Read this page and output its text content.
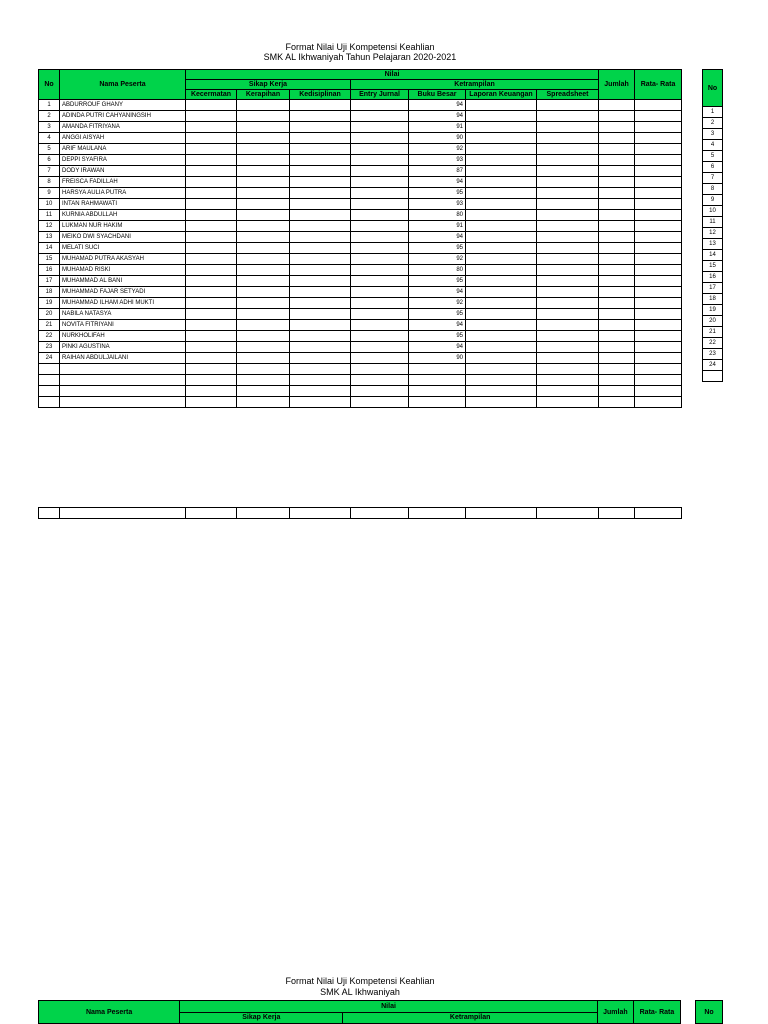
Format Nilai Uji Kompetensi Keahlian
SMK AL Ikhwaniyah Tahun Pelajaran 2020-2021
No	Nama Peserta	Nilai							Jumlah	Rata- Rata
		Sikap Kerja			Ketrampilan					
		Kecermatan	Kerapihan	Kedisiplinan	Entry Jurnal	Buku Besar	Laporan Keuangan	Spreadsheet		
1	ABDURROUF GHANY					94				
2	ADINDA PUTRI CAHYANINGSIH					94				
3	AMANDA FITRIYANA					91				
4	ANGGI AISYAH					90				
5	ARIF MAULANA					92				
6	DEPPI SYAFIRA					93				
7	DODY IRAWAN					87				
8	FREISCA FADILLAH					94				
9	HARSYA AULIA PUTRA					95				
10	INTAN RAHMAWATI					93				
11	KURNIA ABDULLAH					80				
12	LUKMAN NUR HAKIM					91				
13	MEIKO DWI SYACHDANI					94				
14	MELATI SUCI					95				
15	MUHAMAD PUTRA AKASYAH					92				
16	MUHAMAD RISKI					80				
17	MUHAMMAD AL BANI					95				
18	MUHAMMAD FAJAR SETYADI					94				
19	MUHAMMAD ILHAM ADHI MUKTI					92				
20	NABILA NATASYA					95				
21	NOVITA FITRIYANI					94				
22	NURKHOLIFAH					95				
23	PINKI AGUSTINA					94				
24	RAIHAN ABDULJAILANI					90				

No
1
2
3
4
5
6
7
8
9
10
11
12
13
14
15
16
17
18
19
20
21
22
23
24

Format Nilai Uji Kompetensi Keahlian
SMK AL Ikhwaniyah
Nama Peserta	Nilai		Jumlah	Rata- Rata
	Sikap Kerja	Ketrampilan		
No
